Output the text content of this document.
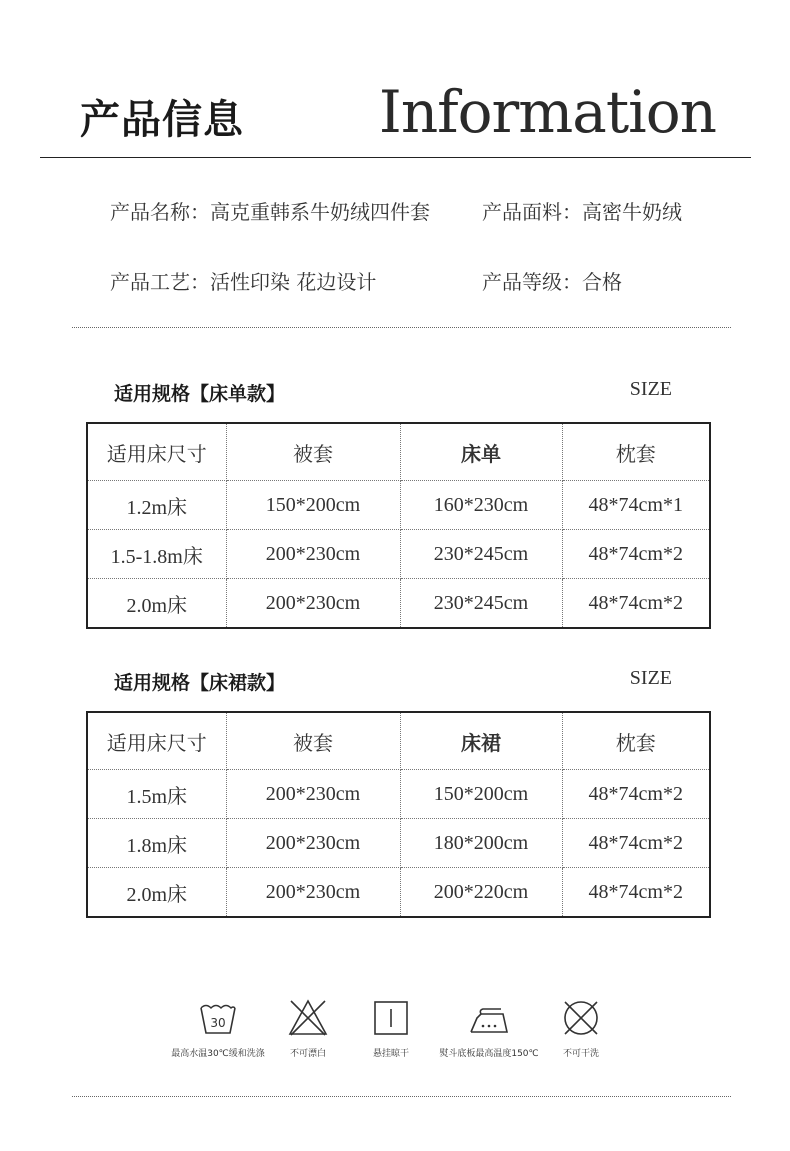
产品信息 Information
产品名称：高克重韩系牛奶绒四件套	产品面料：高密牛奶绒
产品工艺：活性印染 花边设计	产品等级：合格
适用规格【床单款】	SIZE
适用床尺寸	被套	床单	枕套
1.2m床	150*200cm	160*230cm	48*74cm*1
1.5-1.8m床	200*230cm	230*245cm	48*74cm*2
2.0m床	200*230cm	230*245cm	48*74cm*2
适用规格【床裙款】	SIZE
适用床尺寸	被套	床裙	枕套
1.5m床	200*230cm	150*200cm	48*74cm*2
1.8m床	200*230cm	180*200cm	48*74cm*2
2.0m床	200*230cm	200*220cm	48*74cm*2
30
最高水温30℃缓和洗涤	不可漂白	悬挂晾干	熨斗底板最高温度150℃	不可干洗
